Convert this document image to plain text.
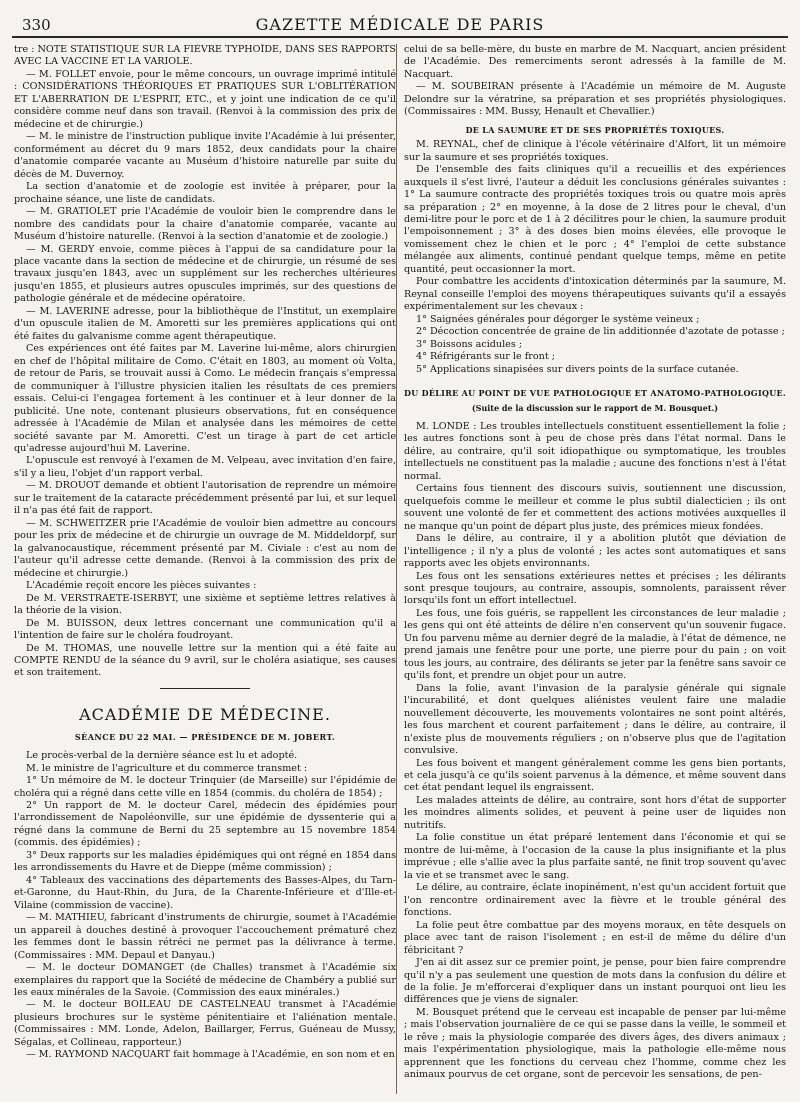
330	GAZETTE MÉDICALE DE PARIS

tre : NOTE STATISTIQUE SUR LA FIÈVRE TYPHOÏDE, DANS SES RAPPORTS AVEC LA VACCINE ET LA VARIOLE.

— M. FOLLET envoie, pour le même concours, un ouvrage imprimé intitulé : CONSIDÉRATIONS THÉORIQUES ET PRATIQUES SUR L'OBLITÉRATION ET L'ABERRATION DE L'ESPRIT, ETC., et y joint une indication de ce qu'il considère comme neuf dans son travail. (Renvoi à la commission des prix de médecine et de chirurgie.)

— M. le ministre de l'instruction publique invite l'Académie à lui présenter, conformément au décret du 9 mars 1852, deux candidats pour la chaire d'anatomie comparée vacante au Muséum d'histoire naturelle par suite du décès de M. Duvernoy.

La section d'anatomie et de zoologie est invitée à préparer, pour la prochaine séance, une liste de candidats.

— M. GRATIOLET prie l'Académie de vouloir bien le comprendre dans le nombre des candidats pour la chaire d'anatomie comparée, vacante au Muséum d'histoire naturelle. (Renvoi à la section d'anatomie et de zoologie.)

— M. GERDY envoie, comme pièces à l'appui de sa candidature pour la place vacante dans la section de médecine et de chirurgie, un résumé de ses travaux jusqu'en 1843, avec un supplément sur les recherches ultérieures jusqu'en 1855, et plusieurs autres opuscules imprimés, sur des questions de pathologie générale et de médecine opératoire.

— M. LAVERINE adresse, pour la bibliothèque de l'Institut, un exemplaire d'un opuscule italien de M. Amoretti sur les premières applications qui ont été faites du galvanisme comme agent thérapeutique.

Ces expériences ont été faites par M. Laverine lui-même, alors chirurgien en chef de l'hôpital militaire de Como. C'était en 1803, au moment où Volta, de retour de Paris, se trouvait aussi à Como. Le médecin français s'empressa de communiquer à l'illustre physicien italien les résultats de ces premiers essais. Celui-ci l'engagea fortement à les continuer et à leur donner de la publicité. Une note, contenant plusieurs observations, fut en conséquence adressée à l'Académie de Milan et analysée dans les mémoires de cette société savante par M. Amoretti. C'est un tirage à part de cet article qu'adresse aujourd'hui M. Laverine.

L'opuscule est renvoyé à l'examen de M. Velpeau, avec invitation d'en faire, s'il y a lieu, l'objet d'un rapport verbal.

— M. DROUOT demande et obtient l'autorisation de reprendre un mémoire sur le traitement de la cataracte précédemment présenté par lui, et sur lequel il n'a pas été fait de rapport.

— M. SCHWEITZER prie l'Académie de vouloir bien admettre au concours pour les prix de médecine et de chirurgie un ouvrage de M. Middeldorpf, sur la galvanocaustique, récemment présenté par M. Civiale : c'est au nom de l'auteur qu'il adresse cette demande. (Renvoi à la commission des prix de médecine et chirurgie.)

L'Académie reçoit encore les pièces suivantes :

De M. VERSTRAETE-ISERBYT, une sixième et septième lettres relatives à la théorie de la vision.

De M. BUISSON, deux lettres concernant une communication qu'il a l'intention de faire sur le choléra foudroyant.

De M. THOMAS, une nouvelle lettre sur la mention qui a été faite au COMPTE RENDU de la séance du 9 avril, sur le choléra asiatique, ses causes et son traitement.

ACADÉMIE DE MÉDECINE.
SÉANCE DU 22 MAI. — PRÉSIDENCE DE M. JOBERT.

Le procès-verbal de la dernière séance est lu et adopté.

M. le ministre de l'agriculture et du commerce transmet :

1° Un mémoire de M. le docteur Trinquier (de Marseille) sur l'épidémie de choléra qui a régné dans cette ville en 1854 (commis. du choléra de 1854) ;

2° Un rapport de M. le docteur Carel, médecin des épidémies pour l'arrondissement de Napoléonville, sur une épidémie de dyssenterie qui a régné dans la commune de Berni du 25 septembre au 15 novembre 1854 (commis. des épidémies) ;

3° Deux rapports sur les maladies épidémiques qui ont régné en 1854 dans les arrondissements du Havre et de Dieppe (même commission) ;

4° Tableaux des vaccinations des départements des Basses-Alpes, du Tarn-et-Garonne, du Haut-Rhin, du Jura, de la Charente-Inférieure et d'Ille-et-Vilaine (commission de vaccine).

— M. MATHIEU, fabricant d'instruments de chirurgie, soumet à l'Académie un appareil à douches destiné à provoquer l'accouchement prématuré chez les femmes dont le bassin rétréci ne permet pas la délivrance à terme. (Commissaires : MM. Depaul et Danyau.)

— M. le docteur DOMANGET (de Challes) transmet à l'Académie six exemplaires du rapport que la Société de médecine de Chambéry a publié sur les eaux minérales de la Savoie. (Commission des eaux minérales.)

— M. le docteur BOILEAU DE CASTELNEAU transmet à l'Académie plusieurs brochures sur le système pénitentiaire et l'aliénation mentale. (Commissaires : MM. Londe, Adelon, Baillarger, Ferrus, Guéneau de Mussy, Ségalas, et Collineau, rapporteur.)

— M. RAYMOND NACQUART fait hommage à l'Académie, en son nom et en

celui de sa belle-mère, du buste en marbre de M. Nacquart, ancien président de l'Académie. Des remerciments seront adressés à la famille de M. Nacquart.

— M. SOUBEIRAN présente à l'Académie un mémoire de M. Auguste Delondre sur la vératrine, sa préparation et ses propriétés physiologiques. (Commissaires : MM. Bussy, Henault et Chevallier.)

DE LA SAUMURE ET DE SES PROPRIÉTÉS TOXIQUES.

M. REYNAL, chef de clinique à l'école vétérinaire d'Alfort, lit un mémoire sur la saumure et ses propriétés toxiques.

De l'ensemble des faits cliniques qu'il a recueillis et des expériences auxquels il s'est livré, l'auteur a déduit les conclusions générales suivantes : 1° La saumure contracte des propriétés toxiques trois ou quatre mois après sa préparation ; 2° en moyenne, à la dose de 2 litres pour le cheval, d'un demi-litre pour le porc et de 1 à 2 décilitres pour le chien, la saumure produit l'empoisonnement ; 3° à des doses bien moins élevées, elle provoque le vomissement chez le chien et le porc ; 4° l'emploi de cette substance mélangée aux aliments, continué pendant quelque temps, même en petite quantité, peut occasionner la mort.

Pour combattre les accidents d'intoxication déterminés par la saumure, M. Reynal conseille l'emploi des moyens thérapeutiques suivants qu'il a essayés expérimentalement sur les chevaux :

1° Saignées générales pour dégorger le système veineux ;

2° Décoction concentrée de graine de lin additionnée d'azotate de potasse ;

3° Boissons acidules ;

4° Réfrigérants sur le front ;

5° Applications sinapisées sur divers points de la surface cutanée.

DU DÉLIRE AU POINT DE VUE PATHOLOGIQUE ET ANATOMO-PATHOLOGIQUE.
(Suite de la discussion sur le rapport de M. Bousquet.)

M. LONDE : Les troubles intellectuels constituent essentiellement la folie ; les autres fonctions sont à peu de chose près dans l'état normal. Dans le délire, au contraire, qu'il soit idiopathique ou symptomatique, les troubles intellectuels ne constituent pas la maladie ; aucune des fonctions n'est à l'état normal.

Certains fous tiennent des discours suivis, soutiennent une discussion, quelquefois comme le meilleur et comme le plus subtil dialecticien ; ils ont souvent une volonté de fer et commettent des actions motivées auxquelles il ne manque qu'un point de départ plus juste, des prémices mieux fondées.

Dans le délire, au contraire, il y a abolition plutôt que déviation de l'intelligence ; il n'y a plus de volonté ; les actes sont automatiques et sans rapports avec les objets environnants.

Les fous ont les sensations extérieures nettes et précises ; les délirants sont presque toujours, au contraire, assoupis, somnolents, paraissent rêver lorsqu'ils font un effort intellectuel.

Les fous, une fois guéris, se rappellent les circonstances de leur maladie ; les gens qui ont été atteints de délire n'en conservent qu'un souvenir fugace. Un fou parvenu même au dernier degré de la maladie, à l'état de démence, ne prend jamais une fenêtre pour une porte, une pierre pour du pain ; on voit tous les jours, au contraire, des délirants se jeter par la fenêtre sans savoir ce qu'ils font, et prendre un objet pour un autre.

Dans la folie, avant l'invasion de la paralysie générale qui signale l'incurabilité, et dont quelques aliénistes veulent faire une maladie nouvellement découverte, les mouvements volontaires ne sont point altérés, les fous marchent et courent parfaitement ; dans le délire, au contraire, il n'existe plus de mouvements réguliers ; on n'observe plus que de l'agitation convulsive.

Les fous boivent et mangent généralement comme les gens bien portants, et cela jusqu'à ce qu'ils soient parvenus à la démence, et même souvent dans cet état pendant lequel ils engraissent.

Les malades atteints de délire, au contraire, sont hors d'état de supporter les moindres aliments solides, et peuvent à peine user de liquides non nutritifs.

La folie constitue un état préparé lentement dans l'économie et qui se montre de lui-même, à l'occasion de la cause la plus insignifiante et la plus imprévue ; elle s'allie avec la plus parfaite santé, ne finit trop souvent qu'avec la vie et se transmet avec le sang.

Le délire, au contraire, éclate inopinément, n'est qu'un accident fortuit que l'on rencontre ordinairement avec la fièvre et le trouble général des fonctions.

La folie peut être combattue par des moyens moraux, en tête desquels on place avec tant de raison l'isolement ; en est-il de même du délire d'un fébricitant ?

J'en ai dit assez sur ce premier point, je pense, pour bien faire comprendre qu'il n'y a pas seulement une question de mots dans la confusion du délire et de la folie. Je m'efforcerai d'expliquer dans un instant pourquoi ont lieu les différences que je viens de signaler.

M. Bousquet prétend que le cerveau est incapable de penser par lui-même ; mais l'observation journalière de ce qui se passe dans la veille, le sommeil et le rêve ; mais la physiologie comparée des divers âges, des divers animaux ; mais l'expérimentation physiologique, mais la pathologie elle-même nous apprennent que les fonctions du cerveau chez l'homme, comme chez les animaux pourvus de cet organe, sont de percevoir les sensations, de pen-
